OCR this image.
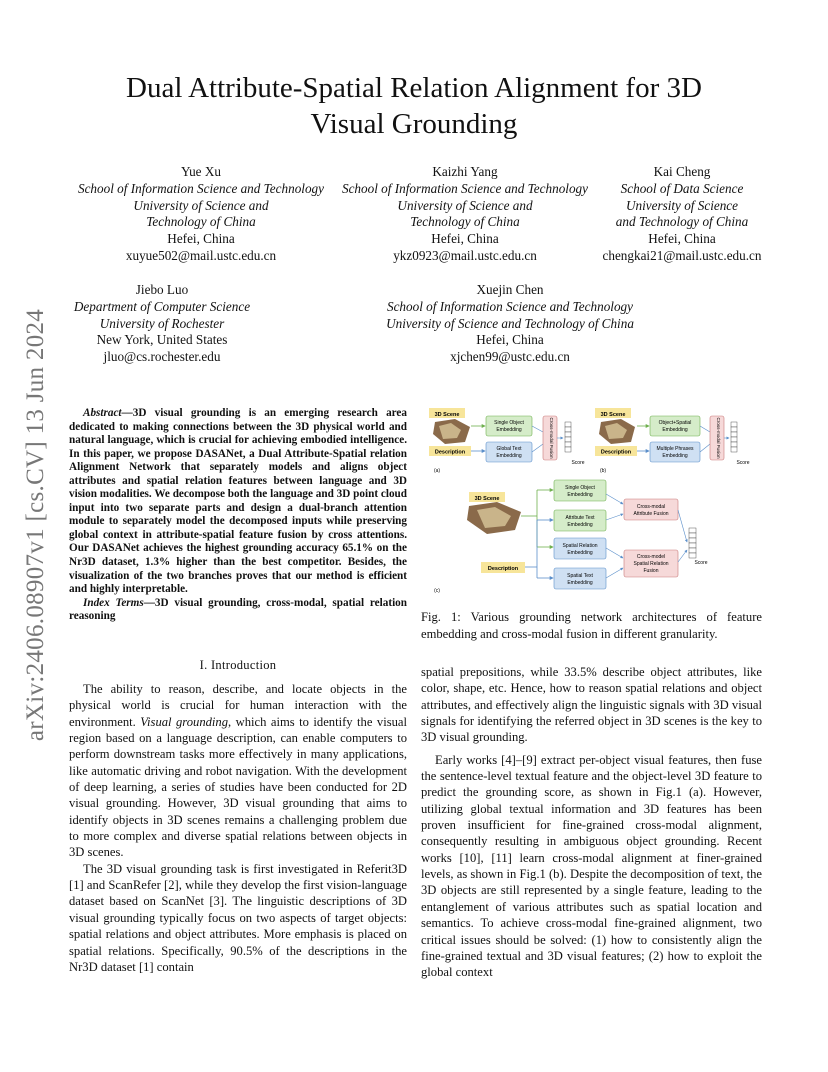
Dual Attribute-Spatial Relation Alignment for 3D
Visual Grounding
arXiv:2406.08907v1 [cs.CV] 13 Jun 2024
Yue Xu
School of Information Science and Technology
University of Science and
Technology of China
Hefei, China
xuyue502@mail.ustc.edu.cn
Kaizhi Yang
School of Information Science and Technology
University of Science and
Technology of China
Hefei, China
ykz0923@mail.ustc.edu.cn
Kai Cheng
School of Data Science
University of Science
and Technology of China
Hefei, China
chengkai21@mail.ustc.edu.cn
Jiebo Luo
Department of Computer Science
University of Rochester
New York, United States
jluo@cs.rochester.edu
Xuejin Chen
School of Information Science and Technology
University of Science and Technology of China
Hefei, China
xjchen99@ustc.edu.cn
Abstract—3D visual grounding is an emerging research area dedicated to making connections between the 3D physical world and natural language, which is crucial for achieving embodied intelligence. In this paper, we propose DASANet, a Dual Attribute-Spatial relation Alignment Network that separately models and aligns object attributes and spatial relation features between language and 3D vision modalities. We decompose both the language and 3D point cloud input into two separate parts and design a dual-branch attention module to separately model the decomposed inputs while preserving global context in attribute-spatial feature fusion by cross attentions. Our DASANet achieves the highest grounding accuracy 65.1% on the Nr3D dataset, 1.3% higher than the best competitor. Besides, the visualization of the two branches proves that our method is efficient and highly interpretable.
Index Terms—3D visual grounding, cross-modal, spatial relation reasoning
I. Introduction

The ability to reason, describe, and locate objects in the physical world is crucial for human interaction with the environment. Visual grounding, which aims to identify the visual region based on a language description, can enable computers to perform downstream tasks more effectively in many applications, like automatic driving and robot navigation. With the development of deep learning, a series of studies have been conducted for 2D visual grounding. However, 3D visual grounding that aims to identify objects in 3D scenes remains a challenging problem due to more complex and diverse spatial relations between objects in 3D scenes.

The 3D visual grounding task is first investigated in Referit3D [1] and ScanRefer [2], while they develop the first vision-language dataset based on ScanNet [3]. The linguistic descriptions of 3D visual grounding typically focus on two aspects of target objects: spatial relations and object attributes. More emphasis is placed on spatial relations. Specifically, 90.5% of the descriptions in the Nr3D dataset [1] contain

spatial prepositions, while 33.5% describe object attributes, like color, shape, etc. Hence, how to reason spatial relations and object attributes, and effectively align the linguistic signals with 3D visual signals for identifying the referred object in 3D scenes is the key to 3D visual grounding.

Early works [4]–[9] extract per-object visual features, then fuse the sentence-level textual feature and the object-level 3D feature to predict the grounding score, as shown in Fig.1 (a). However, utilizing global textual information and 3D features has been proven insufficient for fine-grained cross-modal alignment, consequently resulting in ambiguous object grounding. Recent works [10], [11] learn cross-modal alignment at finer-grained levels, as shown in Fig.1 (b). Despite the decomposition of text, the 3D objects are still represented by a single feature, leading to the entanglement of various attributes such as spatial location and semantics. To achieve cross-modal fine-grained alignment, two critical issues should be solved: (1) how to consistently align the fine-grained textual and 3D visual features; (2) how to exploit the global context

Fig. 1: Various grounding network architectures of feature embedding and cross-modal fusion in different granularity.
3D Scene
Description
Single Object
Embedding
Global Text
Embedding	Cross-modal Fusion
Score
(a)
3D Scene
Description
Object+Spatial
Embedding
Multiple Phrases
Embedding	Cross-modal Fusion
Score
(b)
3D Scene
Single Object
Embedding
Attribute Text
Embedding
Spatial Relation
Embedding
Spatial Text
Embedding
Description
Cross-modal
Attribute Fusion
Cross-model
Spatial Relation
Fusion
Score
(c)
